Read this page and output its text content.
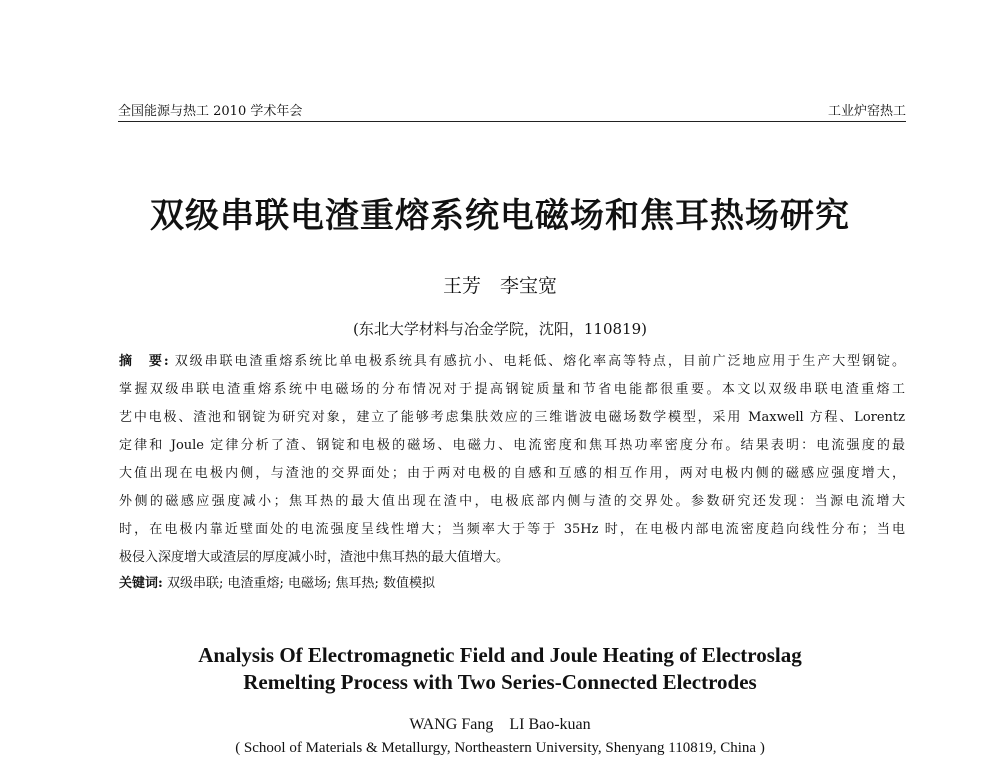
全国能源与热工 2010 学术年会	工业炉窑热工
双级串联电渣重熔系统电磁场和焦耳热场研究
王芳　李宝宽
(东北大学材料与冶金学院，沈阳，110819)
摘　要: 双级串联电渣重熔系统比单电极系统具有感抗小、电耗低、熔化率高等特点，目前广泛地应用于生产大型钢锭。
掌握双级串联电渣重熔系统中电磁场的分布情况对于提高钢锭质量和节省电能都很重要。本文以双级串联电渣重熔工
艺中电极、渣池和钢锭为研究对象，建立了能够考虑集肤效应的三维谐波电磁场数学模型，采用 Maxwell 方程、Lorentz
定律和 Joule 定律分析了渣、钢锭和电极的磁场、电磁力、电流密度和焦耳热功率密度分布。结果表明：电流强度的最
大值出现在电极内侧，与渣池的交界面处；由于两对电极的自感和互感的相互作用，两对电极内侧的磁感应强度增大，
外侧的磁感应强度减小；焦耳热的最大值出现在渣中，电极底部内侧与渣的交界处。参数研究还发现：当源电流增大
时，在电极内靠近壁面处的电流强度呈线性增大；当频率大于等于 35Hz 时，在电极内部电流密度趋向线性分布；当电
极侵入深度增大或渣层的厚度减小时，渣池中焦耳热的最大值增大。
关键词: 双级串联; 电渣重熔; 电磁场; 焦耳热; 数值模拟
Analysis Of Electromagnetic Field and Joule Heating of Electroslag
Remelting Process with Two Series-Connected Electrodes
WANG Fang　LI Bao-kuan
( School of Materials & Metallurgy, Northeastern University, Shenyang 110819, China )
